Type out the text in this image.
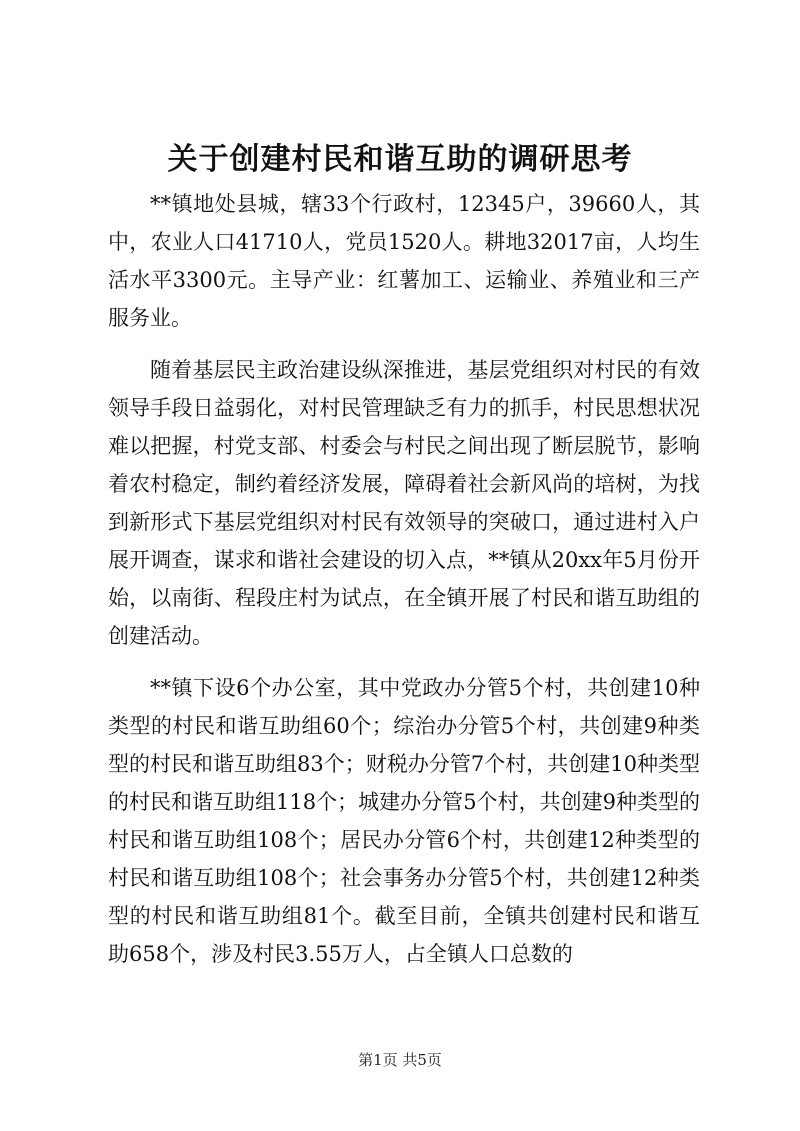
关于创建村民和谐互助的调研思考

**镇地处县城，辖33个行政村，12345户，39660人，其中，农业人口41710人，党员1520人。耕地32017亩，人均生活水平3300元。主导产业：红薯加工、运输业、养殖业和三产服务业。

随着基层民主政治建设纵深推进，基层党组织对村民的有效领导手段日益弱化，对村民管理缺乏有力的抓手，村民思想状况难以把握，村党支部、村委会与村民之间出现了断层脱节，影响着农村稳定，制约着经济发展，障碍着社会新风尚的培树，为找到新形式下基层党组织对村民有效领导的突破口，通过进村入户展开调查，谋求和谐社会建设的切入点，**镇从20xx年5月份开始，以南街、程段庄村为试点，在全镇开展了村民和谐互助组的创建活动。

**镇下设6个办公室，其中党政办分管5个村，共创建10种类型的村民和谐互助组60个；综治办分管5个村，共创建9种类型的村民和谐互助组83个；财税办分管7个村，共创建10种类型的村民和谐互助组118个；城建办分管5个村，共创建9种类型的村民和谐互助组108个；居民办分管6个村，共创建12种类型的村民和谐互助组108个；社会事务办分管5个村，共创建12种类型的村民和谐互助组81个。截至目前，全镇共创建村民和谐互助658个，涉及村民3.55万人，占全镇人口总数的

第1页 共5页
